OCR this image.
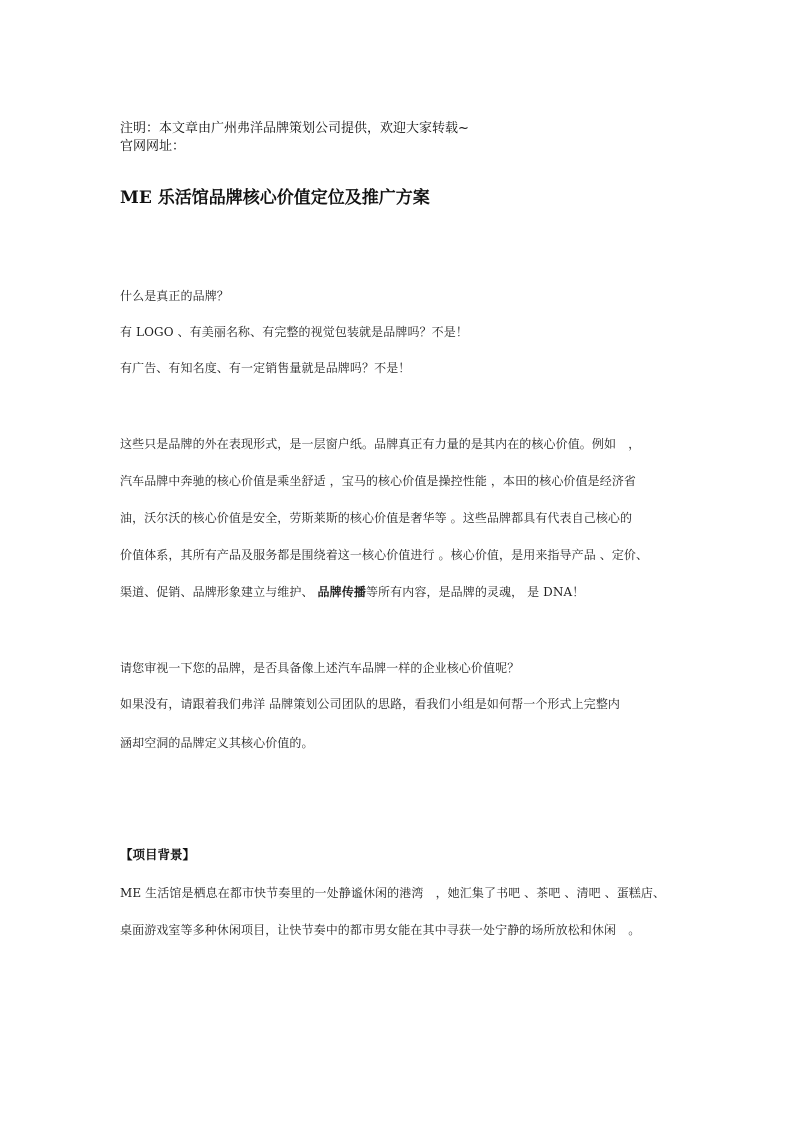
注明：本文章由广州弗洋品牌策划公司提供，欢迎大家转载~
官网网址：
ME 乐活馆品牌核心价值定位及推广方案
什么是真正的品牌？
有 LOGO 、有美丽名称、有完整的视觉包装就是品牌吗？不是！
有广告、有知名度、有一定销售量就是品牌吗？不是！
这些只是品牌的外在表现形式，是一层窗户纸。品牌真正有力量的是其内在的核心价值。例如　，
汽车品牌中奔驰的核心价值是乘坐舒适 ，宝马的核心价值是操控性能 ，本田的核心价值是经济省
油，沃尔沃的核心价值是安全，劳斯莱斯的核心价值是奢华等 。这些品牌都具有代表自己核心的
价值体系，其所有产品及服务都是围绕着这一核心价值进行 。核心价值，是用来指导产品 、定价、
渠道、促销、品牌形象建立与维护、 品牌传播等所有内容，是品牌的灵魂， 是 DNA！
请您审视一下您的品牌，是否具备像上述汽车品牌一样的企业核心价值呢？
如果没有，请跟着我们弗洋 品牌策划公司团队的思路，看我们小组是如何帮一个形式上完整内
涵却空洞的品牌定义其核心价值的。
【项目背景】
ME 生活馆是栖息在都市快节奏里的一处静谧休闲的港湾　，她汇集了书吧 、茶吧 、清吧 、蛋糕店、
桌面游戏室等多种休闲项目，让快节奏中的都市男女能在其中寻获一处宁静的场所放松和休闲　。
